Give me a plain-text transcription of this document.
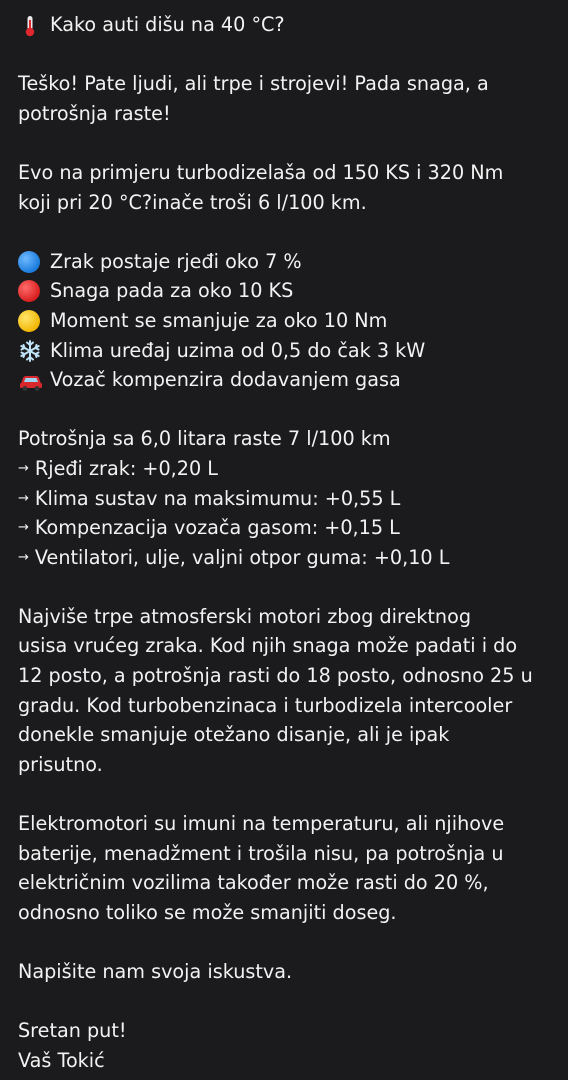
Kako auti dišu na 40 °C?
Teško! Pate ljudi, ali trpe i strojevi! Pada snaga, a
potrošnja raste!
Evo na primjeru turbodizelaša od 150 KS i 320 Nm
koji pri 20 °C?inače troši 6 l/100 km.
Zrak postaje rjeđi oko 7 %
Snaga pada za oko 10 KS
Moment se smanjuje za oko 10 Nm
Klima uređaj uzima od 0,5 do čak 3 kW
Vozač kompenzira dodavanjem gasa
Potrošnja sa 6,0 litara raste 7 l/100 km
→ Rjeđi zrak: +0,20 L
→ Klima sustav na maksimumu: +0,55 L
→ Kompenzacija vozača gasom: +0,15 L
→ Ventilatori, ulje, valjni otpor guma: +0,10 L
Najviše trpe atmosferski motori zbog direktnog
usisa vrućeg zraka. Kod njih snaga može padati i do
12 posto, a potrošnja rasti do 18 posto, odnosno 25 u
gradu. Kod turbobenzinaca i turbodizela intercooler
donekle smanjuje otežano disanje, ali je ipak
prisutno.
Elektromotori su imuni na temperaturu, ali njihove
baterije, menadžment i trošila nisu, pa potrošnja u
električnim vozilima također može rasti do 20 %,
odnosno toliko se može smanjiti doseg.
Napišite nam svoja iskustva.
Sretan put!
Vaš Tokić
